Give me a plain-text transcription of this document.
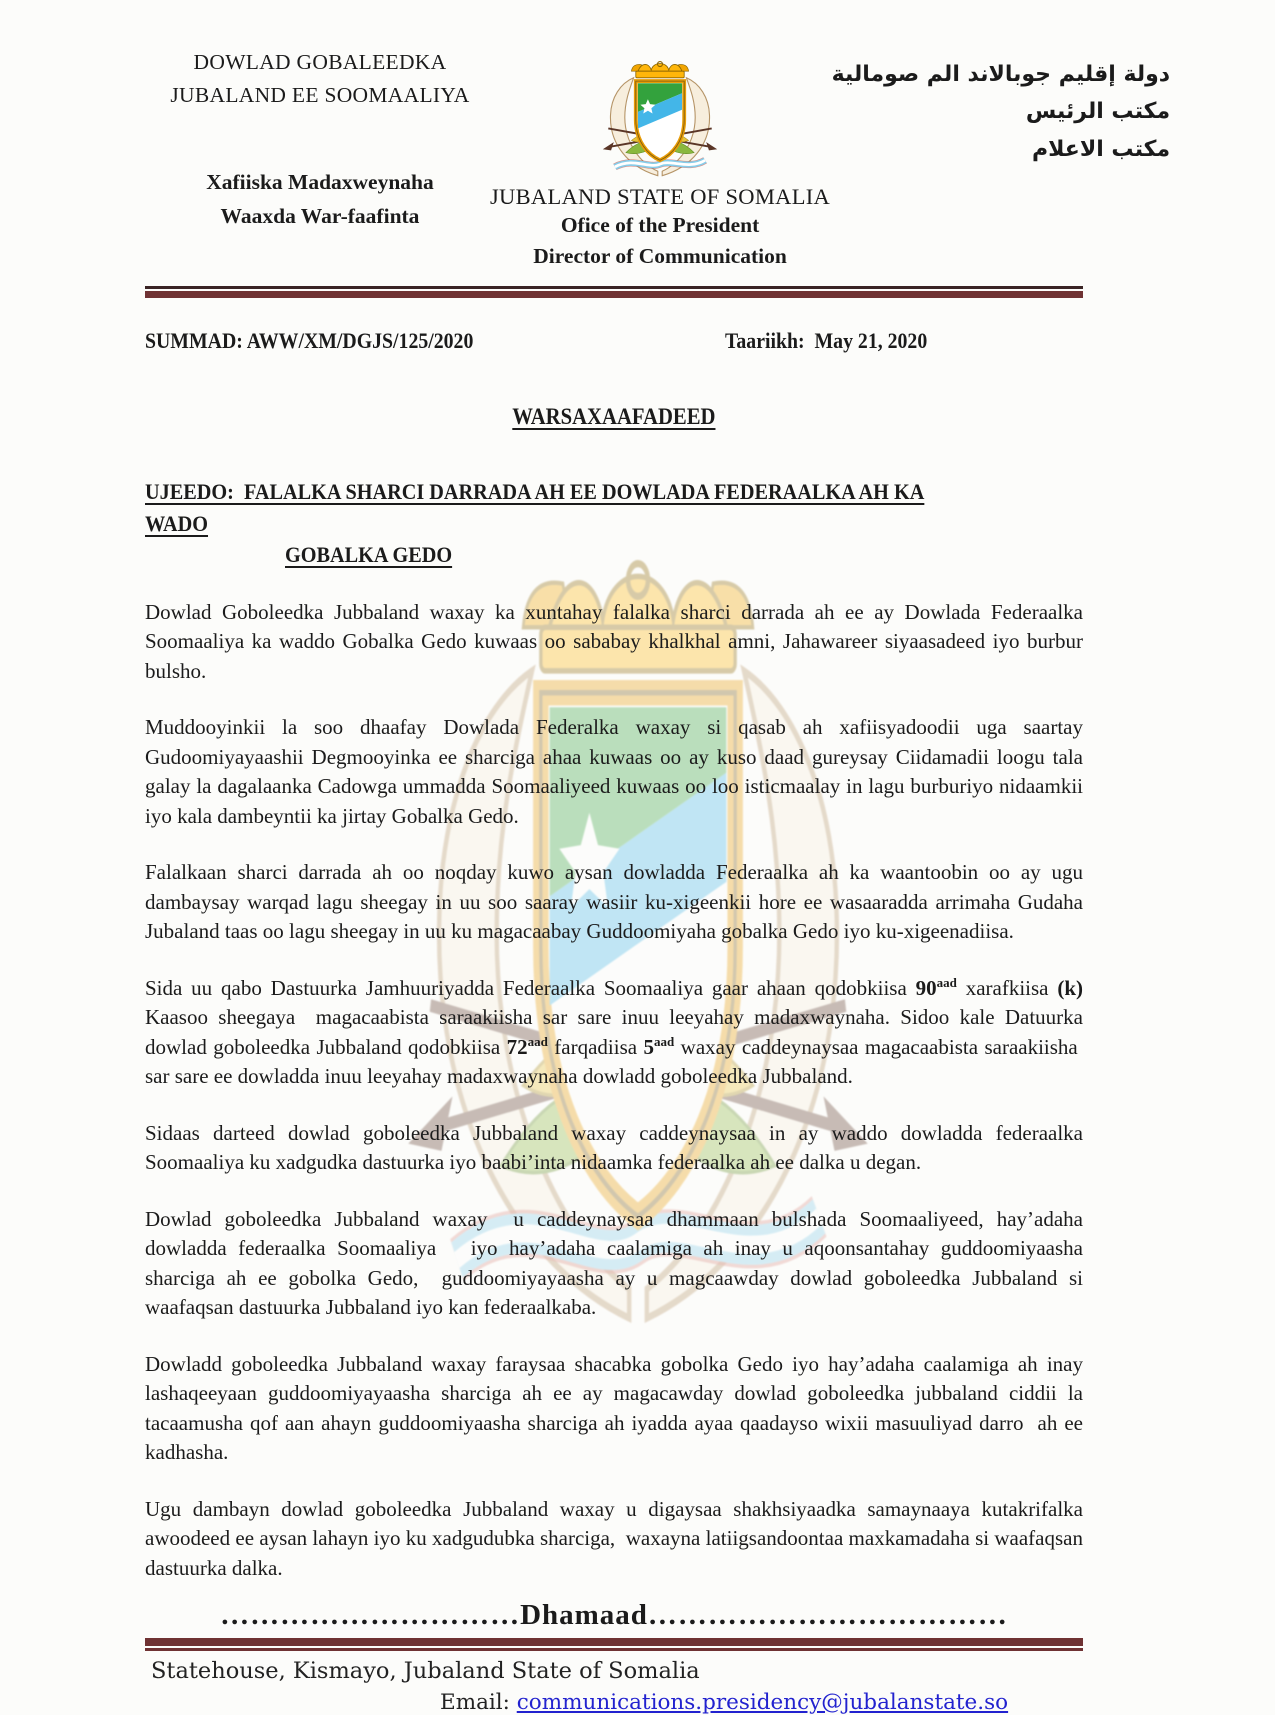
DOWLAD GOBALEEDKA
JUBALAND EE SOOMAALIYA
Xafiiska Madaxweynaha
Waaxda War-faafinta
JUBALAND STATE OF SOMALIA
Ofice of the President
Director of Communication
دولة إقليم جوبالاند الم صومالية
مكتب الرئيس
مكتب الاعلام
SUMMAD: AWW/XM/DGJS/125/2020	Taariikh:  May 21, 2020
WARSAXAAFADEED
UJEEDO:  FALALKA SHARCI DARRADA AH EE DOWLADA FEDERAALKA AH KA WADO
GOBALKA GEDO

Dowlad Goboleedka Jubbaland waxay ka xuntahay falalka sharci darrada ah ee ay Dowlada Federaalka Soomaaliya ka waddo Gobalka Gedo kuwaas oo sababay khalkhal amni, Jahawareer siyaasadeed iyo burbur bulsho.

Muddooyinkii la soo dhaafay Dowlada Federalka waxay si qasab ah xafiisyadoodii uga saartay Gudoomiyayaashii Degmooyinka ee sharciga ahaa kuwaas oo ay kuso daad gureysay Ciidamadii loogu tala galay la dagalaanka Cadowga ummadda Soomaaliyeed kuwaas oo loo isticmaalay in lagu burburiyo nidaamkii iyo kala dambeyntii ka jirtay Gobalka Gedo.

Falalkaan sharci darrada ah oo noqday kuwo aysan dowladda Federaalka ah ka waantoobin oo ay ugu dambaysay warqad lagu sheegay in uu soo saaray wasiir ku-xigeenkii hore ee wasaaradda arrimaha Gudaha Jubaland taas oo lagu sheegay in uu ku magacaabay Guddoomiyaha gobalka Gedo iyo ku-xigeenadiisa.

Sida uu qabo Dastuurka Jamhuuriyadda Federaalka Soomaaliya gaar ahaan qodobkiisa $90^{aad}$ xarafkiisa (k) Kaasoo sheegaya  magacaabista saraakiisha sar sare inuu leeyahay madaxwaynaha. Sidoo kale Datuurka dowlad goboleedka Jubbaland qodobkiisa $72^{aad}$ farqadiisa $5^{aad}$ waxay caddeynaysaa magacaabista saraakiisha  sar sare ee dowladda inuu leeyahay madaxwaynaha dowladd goboleedka Jubbaland.

Sidaas darteed dowlad goboleedka Jubbaland waxay caddeynaysaa in ay waddo dowladda federaalka Soomaaliya ku xadgudka dastuurka iyo baabi’inta nidaamka federaalka ah ee dalka u degan.

Dowlad goboleedka Jubbaland waxay  u caddeynaysaa dhammaan bulshada Soomaaliyeed, hay’adaha dowladda federaalka Soomaaliya   iyo hay’adaha caalamiga ah inay u aqoonsantahay guddoomiyaasha sharciga ah ee gobolka Gedo,  guddoomiyayaasha ay u magcaawday dowlad goboleedka Jubbaland si waafaqsan dastuurka Jubbaland iyo kan federaalkaba.

Dowladd goboleedka Jubbaland waxay faraysaa shacabka gobolka Gedo iyo hay’adaha caalamiga ah inay lashaqeeyaan guddoomiyayaasha sharciga ah ee ay magacawday dowlad goboleedka jubbaland ciddii la tacaamusha qof aan ahayn guddoomiyaasha sharciga ah iyadda ayaa qaadayso wixii masuuliyad darro  ah ee kadhasha.

Ugu dambayn dowlad goboleedka Jubbaland waxay u digaysaa shakhsiyaadka samaynaaya kutakrifalka awoodeed ee aysan lahayn iyo ku xadgudubka sharciga,  waxayna latiigsandoontaa maxkamadaha si waafaqsan dastuurka dalka.

…………………………Dhamaad………………………………
Statehouse, Kismayo, Jubaland State of Somalia
Email: communications.presidency@jubalanstate.so
